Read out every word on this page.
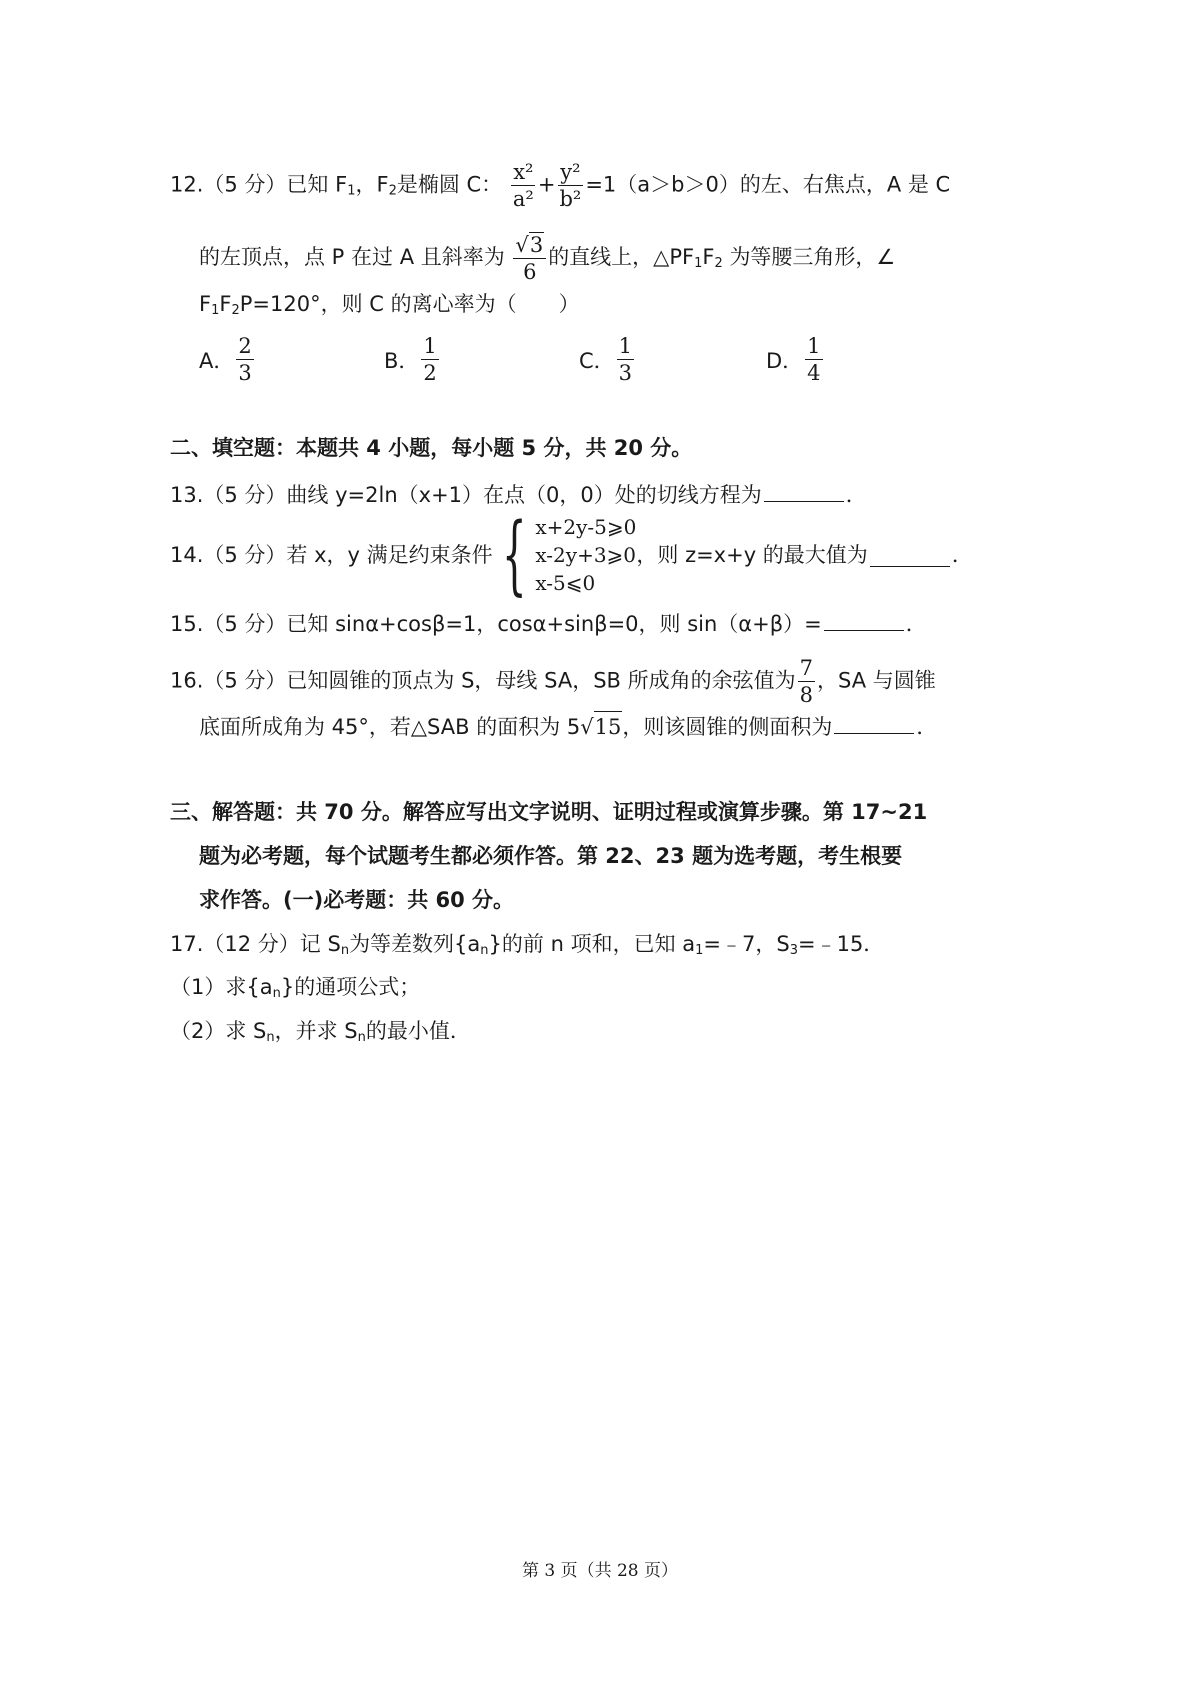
12.（5 分）已知 $F_1$，$F_2$是椭圆 C： $\frac{\text{x²}}{\text{a²}} + \frac{\text{y²}}{\text{b²}} =1(a>b>0)$的左、右焦点，A 是 C
的左顶点，点 P 在过 A 且斜率为 $\frac{√ 3}{6}$ 的直线上，$\triangle PF_1F_2$ 为等腰三角形，∠
$F_1F_2P=120^\circ$，则 C 的离心率为（　　）
A． $\frac{2}{3}$	B． $\frac{1}{2}$	C． $\frac{1}{3}$	D． $\frac{1}{4}$
二、填空题：本题共 4 小题，每小题 5 分，共 20 分。
13.（5 分）曲线 y=2ln（x+1）在点（0，0）处的切线方程为	．
14.（5 分）若 x，y 满足约束条件 { x+2y-5⩾0
x-2y+3⩾0
x-5⩽0
，则 z=x+y 的最大值为	．
15.（5 分）已知 sinα+cosβ=1，cosα+sinβ=0，则 sin（α+β）=	．
16.（5 分）已知圆锥的顶点为 S，母线 SA，SB 所成角的余弦值为 $\frac{7}{8}$ ，SA 与圆锥
底面所成角为 45°，若△SAB 的面积为 5√ 15 ，则该圆锥的侧面积为	．
三、解答题：共 70 分。解答应写出文字说明、证明过程或演算步骤。第 17~21
题为必考题，每个试题考生都必须作答。第 22、23 题为选考题，考生根要
求作答。(一)必考题：共 60 分。
17.（12 分）记 $S_n$为等差数列$\{a_n\}$的前 n 项和，已知 $a_1=﹣7$，$S_3=﹣15$．
（1）求$\{a_n\}$的通项公式；
（2）求 $S_n$，并求 $S_n$的最小值．
第 3 页（共 28 页）
